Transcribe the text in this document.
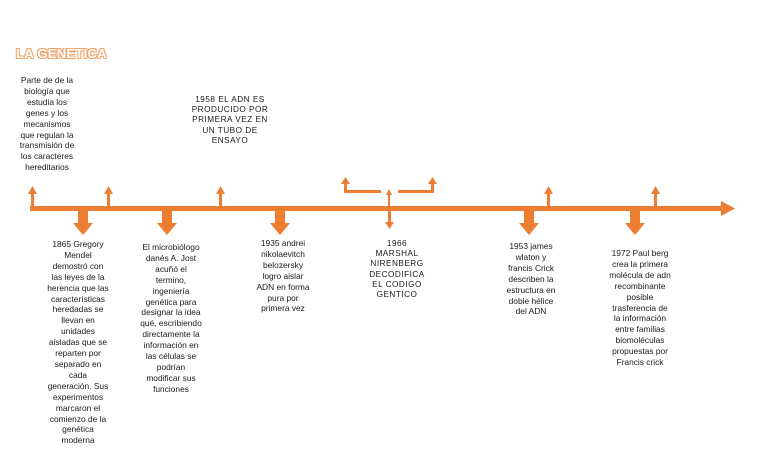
LA GENETICA
Parte de de la
biología que
estudia los
genes y los
mecanismos
que regulan la
transmisión de
los caracteres
hereditarios
1958 EL ADN ES
PRODUCIDO POR
PRIMERA VEZ EN
UN TUBO DE
ENSAYO
1865 Gregory
Mendel
demostró con
las leyes de la
herencia que las
características
heredadas se
llevan en
unidades
aisladas que se
reparten por
separado en
cada
generación. Sus
experimentos
marcaron el
comienzo de la
genética
moderna
El microbiólogo
danés A. Jost
acuñó el
termino,
ingeniería
genética para
designar la idea
qué, escribiendo
directamente la
información en
las células se
podrían
modificar sus
funciones
1935 andrei
nikolaevitch
belozersky
logro aislar
ADN en forma
pura por
primera vez
1966
MARSHAL
NIRENBERG
DECODIFICA
EL CODIGO
GENTICO
1953 james
wlaton y
francis Crick
describen la
estructura en
doble hélice
del ADN
1972 Paul berg
crea la primera
molécula de adn
recombinante
posible
trasferencia de
la información
entre familias
biomoléculas
propuestas por
Francis crick
